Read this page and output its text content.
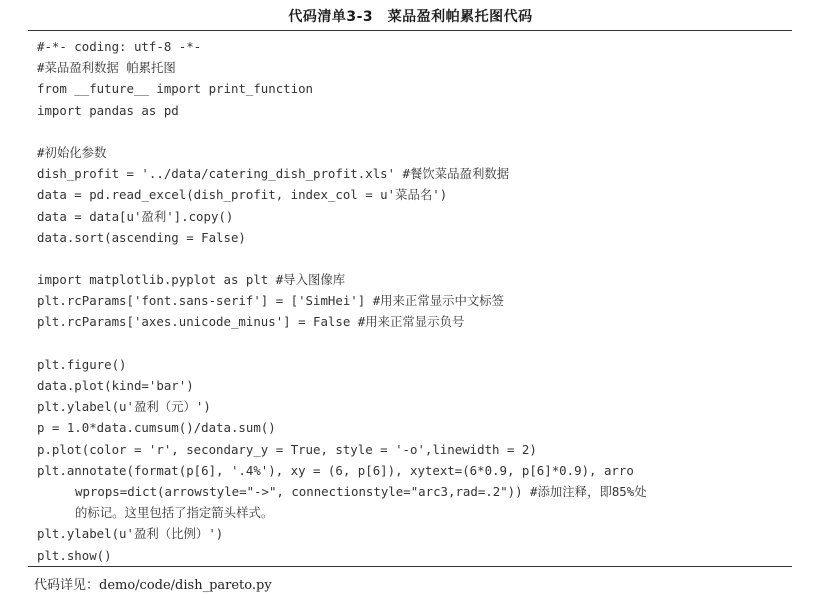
代码清单3-3　菜品盈利帕累托图代码
#-*- coding: utf-8 -*-
#菜品盈利数据 帕累托图
from __future__ import print_function
import pandas as pd
#初始化参数
dish_profit = '../data/catering_dish_profit.xls' #餐饮菜品盈利数据
data = pd.read_excel(dish_profit, index_col = u'菜品名')
data = data[u'盈利'].copy()
data.sort(ascending = False)
import matplotlib.pyplot as plt #导入图像库
plt.rcParams['font.sans-serif'] = ['SimHei'] #用来正常显示中文标签
plt.rcParams['axes.unicode_minus'] = False #用来正常显示负号
plt.figure()
data.plot(kind='bar')
plt.ylabel(u'盈利（元）')
p = 1.0*data.cumsum()/data.sum()
p.plot(color = 'r', secondary_y = True, style = '-o',linewidth = 2)
plt.annotate(format(p[6], '.4%'), xy = (6, p[6]), xytext=(6*0.9, p[6]*0.9), arro
wprops=dict(arrowstyle="->", connectionstyle="arc3,rad=.2")) #添加注释，即85%处
的标记。这里包括了指定箭头样式。
plt.ylabel(u'盈利（比例）')
plt.show()
代码详见：demo/code/dish_pareto.py
